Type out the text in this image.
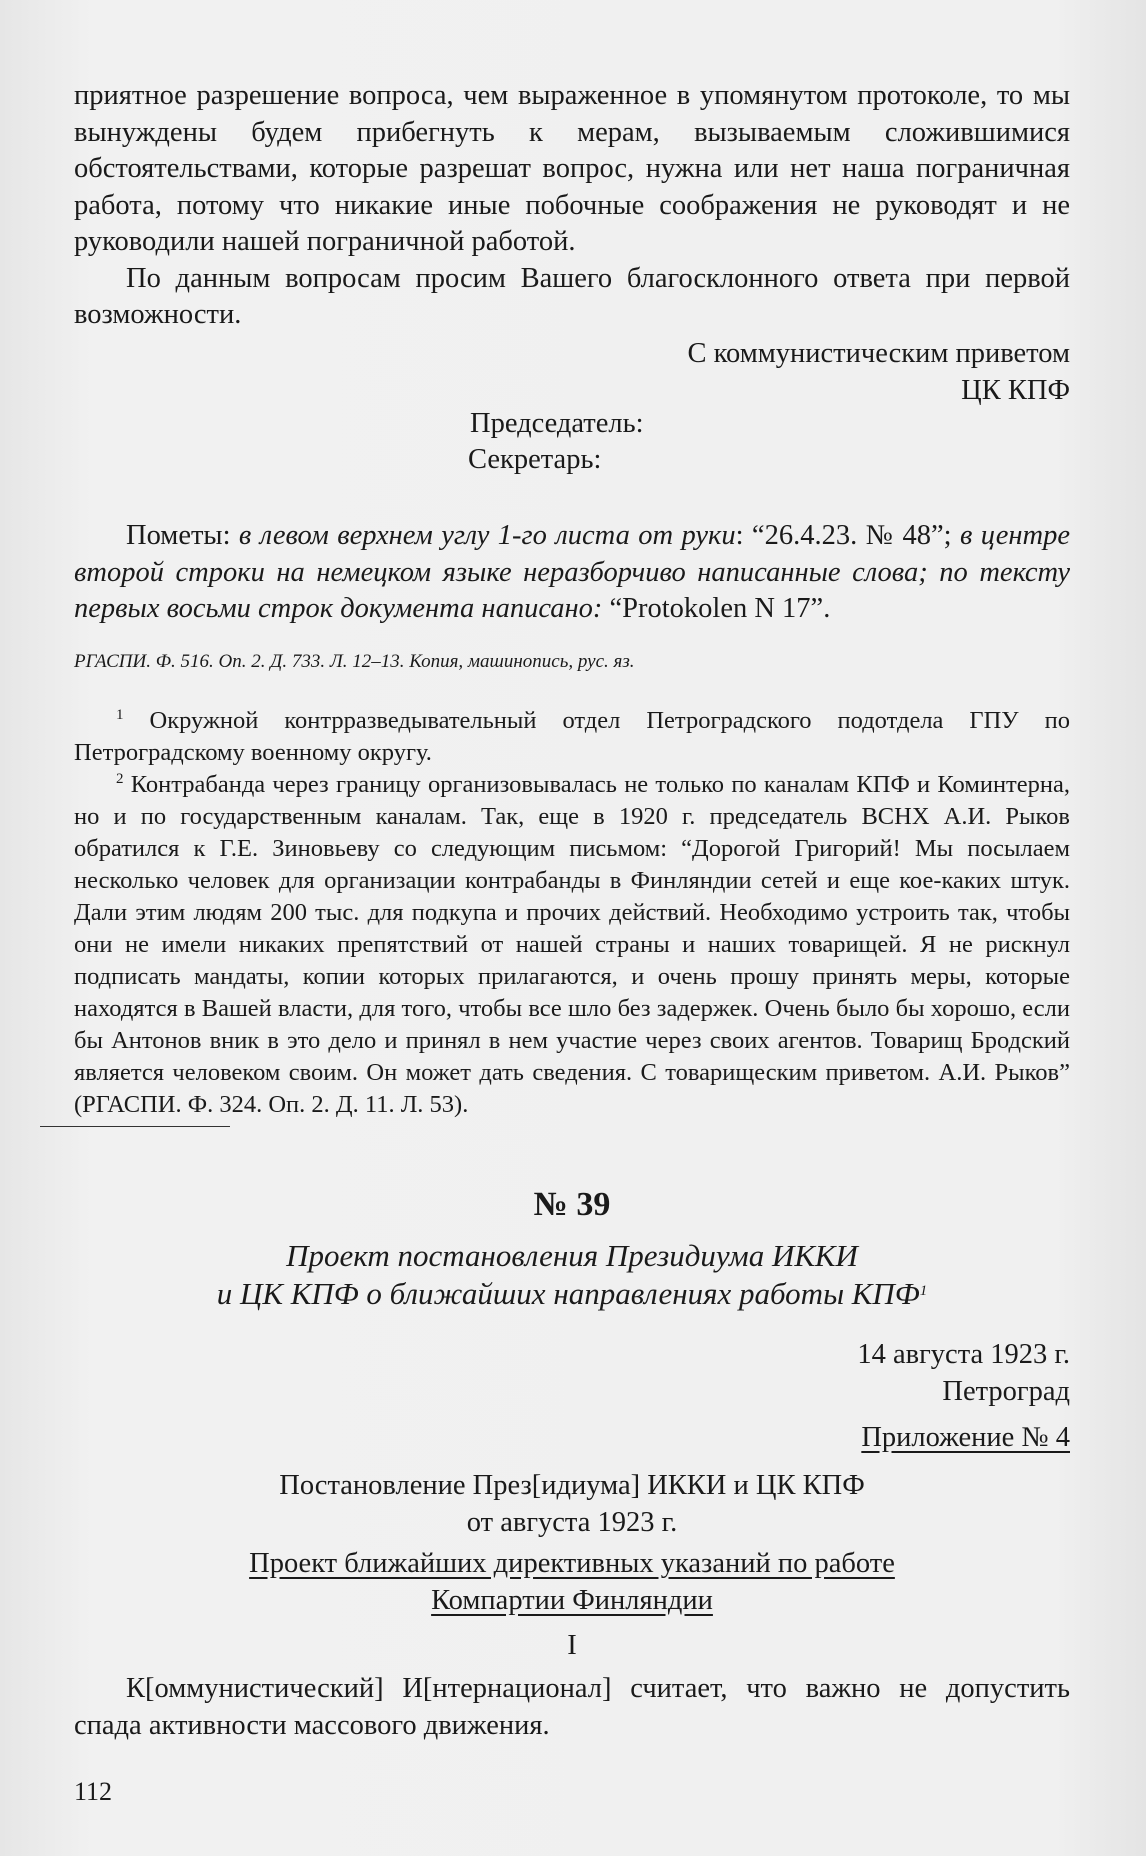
приятное разрешение вопроса, чем выраженное в упомянутом протоколе, то мы вынуждены будем прибегнуть к мерам, вызываемым сложившимися обстоятельствами, которые разрешат вопрос, нужна или нет наша пограничная работа, потому что никакие иные побочные соображения не руководят и не руководили нашей пограничной работой.

По данным вопросам просим Вашего благосклонного ответа при первой возможности.

С коммунистическим приветом

ЦК КПФ

Председатель:
Секретарь:

Пометы: в левом верхнем углу 1-го листа от руки: “26.4.23. № 48”; в центре второй строки на немецком языке неразборчиво написанные слова; по тексту первых восьми строк документа написано: “Protokolen N 17”.

РГАСПИ. Ф. 516. Оп. 2. Д. 733. Л. 12–13. Копия, машинопись, рус. яз.

$^1$ Окружной контрразведывательный отдел Петроградского подотдела ГПУ по Петроградскому военному округу.

$^2$ Контрабанда через границу организовывалась не только по каналам КПФ и Коминтерна, но и по государственным каналам. Так, еще в 1920 г. председатель ВСНХ А.И. Рыков обратился к Г.Е. Зиновьеву со следующим письмом: “Дорогой Григорий! Мы посылаем несколько человек для организации контрабанды в Финляндии сетей и еще кое-каких штук. Дали этим людям 200 тыс. для подкупа и прочих действий. Необходимо устроить так, чтобы они не имели никаких препятствий от нашей страны и наших товарищей. Я не рискнул подписать мандаты, копии которых прилагаются, и очень прошу принять меры, которые находятся в Вашей власти, для того, чтобы все шло без задержек. Очень было бы хорошо, если бы Антонов вник в это дело и принял в нем участие через своих агентов. Товарищ Бродский является человеком своим. Он может дать сведения. С товарищеским приветом. А.И. Рыков” (РГАСПИ. Ф. 324. Оп. 2. Д. 11. Л. 53).

№ 39

Проект постановления Президиума ИККИ

и ЦК КПФ о ближайших направлениях работы КПФ$^1$

14 августа 1923 г.

Петроград

Приложение № 4

Постановление През[идиума] ИККИ и ЦК КПФ

от августа 1923 г.

Проект ближайших директивных указаний по работе

Компартии Финляндии

I

К[оммунистический] И[нтернационал] считает, что важно не допустить спада активности массового движения.

112
